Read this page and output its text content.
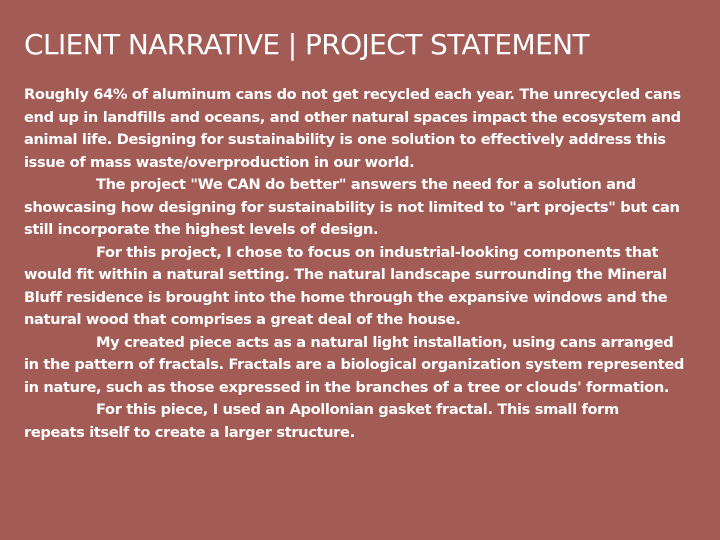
CLIENT NARRATIVE | PROJECT STATEMENT
Roughly 64% of aluminum cans do not get recycled each year. The unrecycled cans
end up in landfills and oceans, and other natural spaces impact the ecosystem and
animal life. Designing for sustainability is one solution to effectively address this
issue of mass waste/overproduction in our world.
The project "We CAN do better" answers the need for a solution and
showcasing how designing for sustainability is not limited to "art projects" but can
still incorporate the highest levels of design.
For this project, I chose to focus on industrial-looking components that
would fit within a natural setting. The natural landscape surrounding the Mineral
Bluff residence is brought into the home through the expansive windows and the
natural wood that comprises a great deal of the house.
My created piece acts as a natural light installation, using cans arranged
in the pattern of fractals. Fractals are a biological organization system represented
in nature, such as those expressed in the branches of a tree or clouds' formation.
For this piece, I used an Apollonian gasket fractal. This small form
repeats itself to create a larger structure.
